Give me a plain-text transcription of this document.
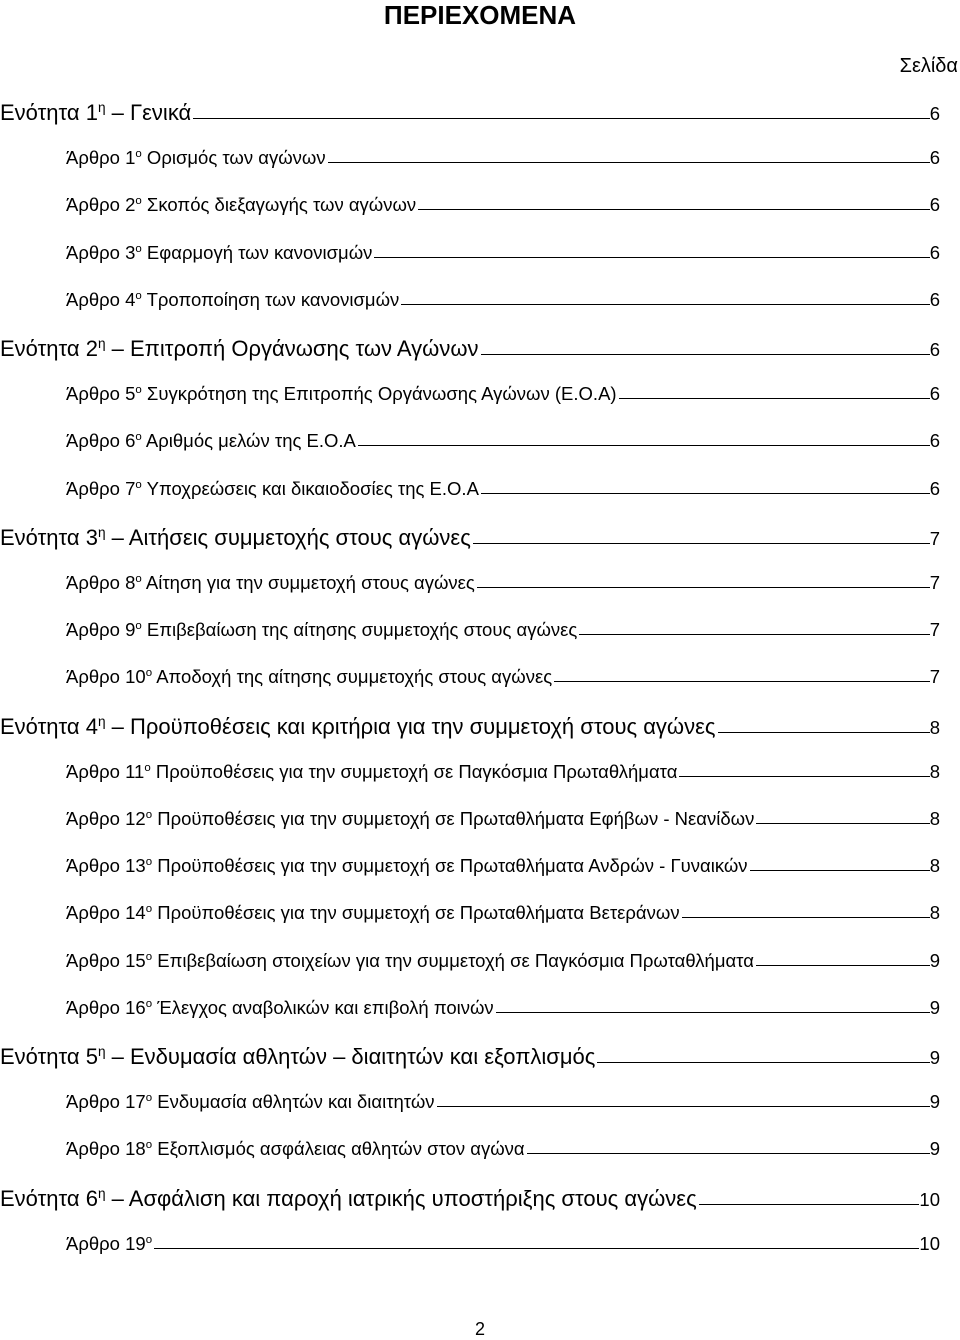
ΠΕΡΙΕΧΟΜΕΝΑ
Σελίδα
Ενότητα $1^\eta$ – Γενικά	6
Άρθρο $1^o$ Ορισμός των αγώνων	6
Άρθρο $2^o$ Σκοπός διεξαγωγής των αγώνων	6
Άρθρο $3^o$ Εφαρμογή των κανονισμών	6
Άρθρο $4^o$ Τροποποίηση των κανονισμών	6
Ενότητα $2^\eta$ – Επιτροπή Οργάνωσης των Αγώνων	6
Άρθρο $5^o$ Συγκρότηση της Επιτροπής Οργάνωσης Αγώνων (Ε.Ο.Α)	6
Άρθρο $6^o$ Αριθμός μελών της Ε.Ο.Α	6
Άρθρο $7^o$ Υποχρεώσεις και δικαιοδοσίες της Ε.Ο.Α	6
Ενότητα $3^\eta$ – Αιτήσεις συμμετοχής στους αγώνες	7
Άρθρο $8^o$ Αίτηση για την συμμετοχή στους αγώνες	7
Άρθρο $9^o$ Επιβεβαίωση της αίτησης συμμετοχής στους αγώνες	7
Άρθρο $10^o$ Αποδοχή της αίτησης συμμετοχής στους αγώνες	7
Ενότητα $4^\eta$ – Προϋποθέσεις και κριτήρια για την συμμετοχή στους αγώνες	8
Άρθρο $11^o$ Προϋποθέσεις για την συμμετοχή σε Παγκόσμια Πρωταθλήματα	8
Άρθρο $12^o$ Προϋποθέσεις για την συμμετοχή σε Πρωταθλήματα Εφήβων - Νεανίδων	8
Άρθρο $13^o$ Προϋποθέσεις για την συμμετοχή σε Πρωταθλήματα Ανδρών - Γυναικών	8
Άρθρο $14^o$ Προϋποθέσεις για την συμμετοχή σε Πρωταθλήματα Βετεράνων	8
Άρθρο $15^o$ Επιβεβαίωση στοιχείων για την συμμετοχή σε Παγκόσμια Πρωταθλήματα	9
Άρθρο $16^o$ Έλεγχος αναβολικών και επιβολή ποινών	9
Ενότητα $5^\eta$ – Ενδυμασία αθλητών – διαιτητών και εξοπλισμός	9
Άρθρο $17^o$ Ενδυμασία αθλητών και διαιτητών	9
Άρθρο $18^o$ Εξοπλισμός ασφάλειας αθλητών στον αγώνα	9
Ενότητα $6^\eta$ – Ασφάλιση και παροχή ιατρικής υποστήριξης στους αγώνες	10
Άρθρο $19^o$	10
2
